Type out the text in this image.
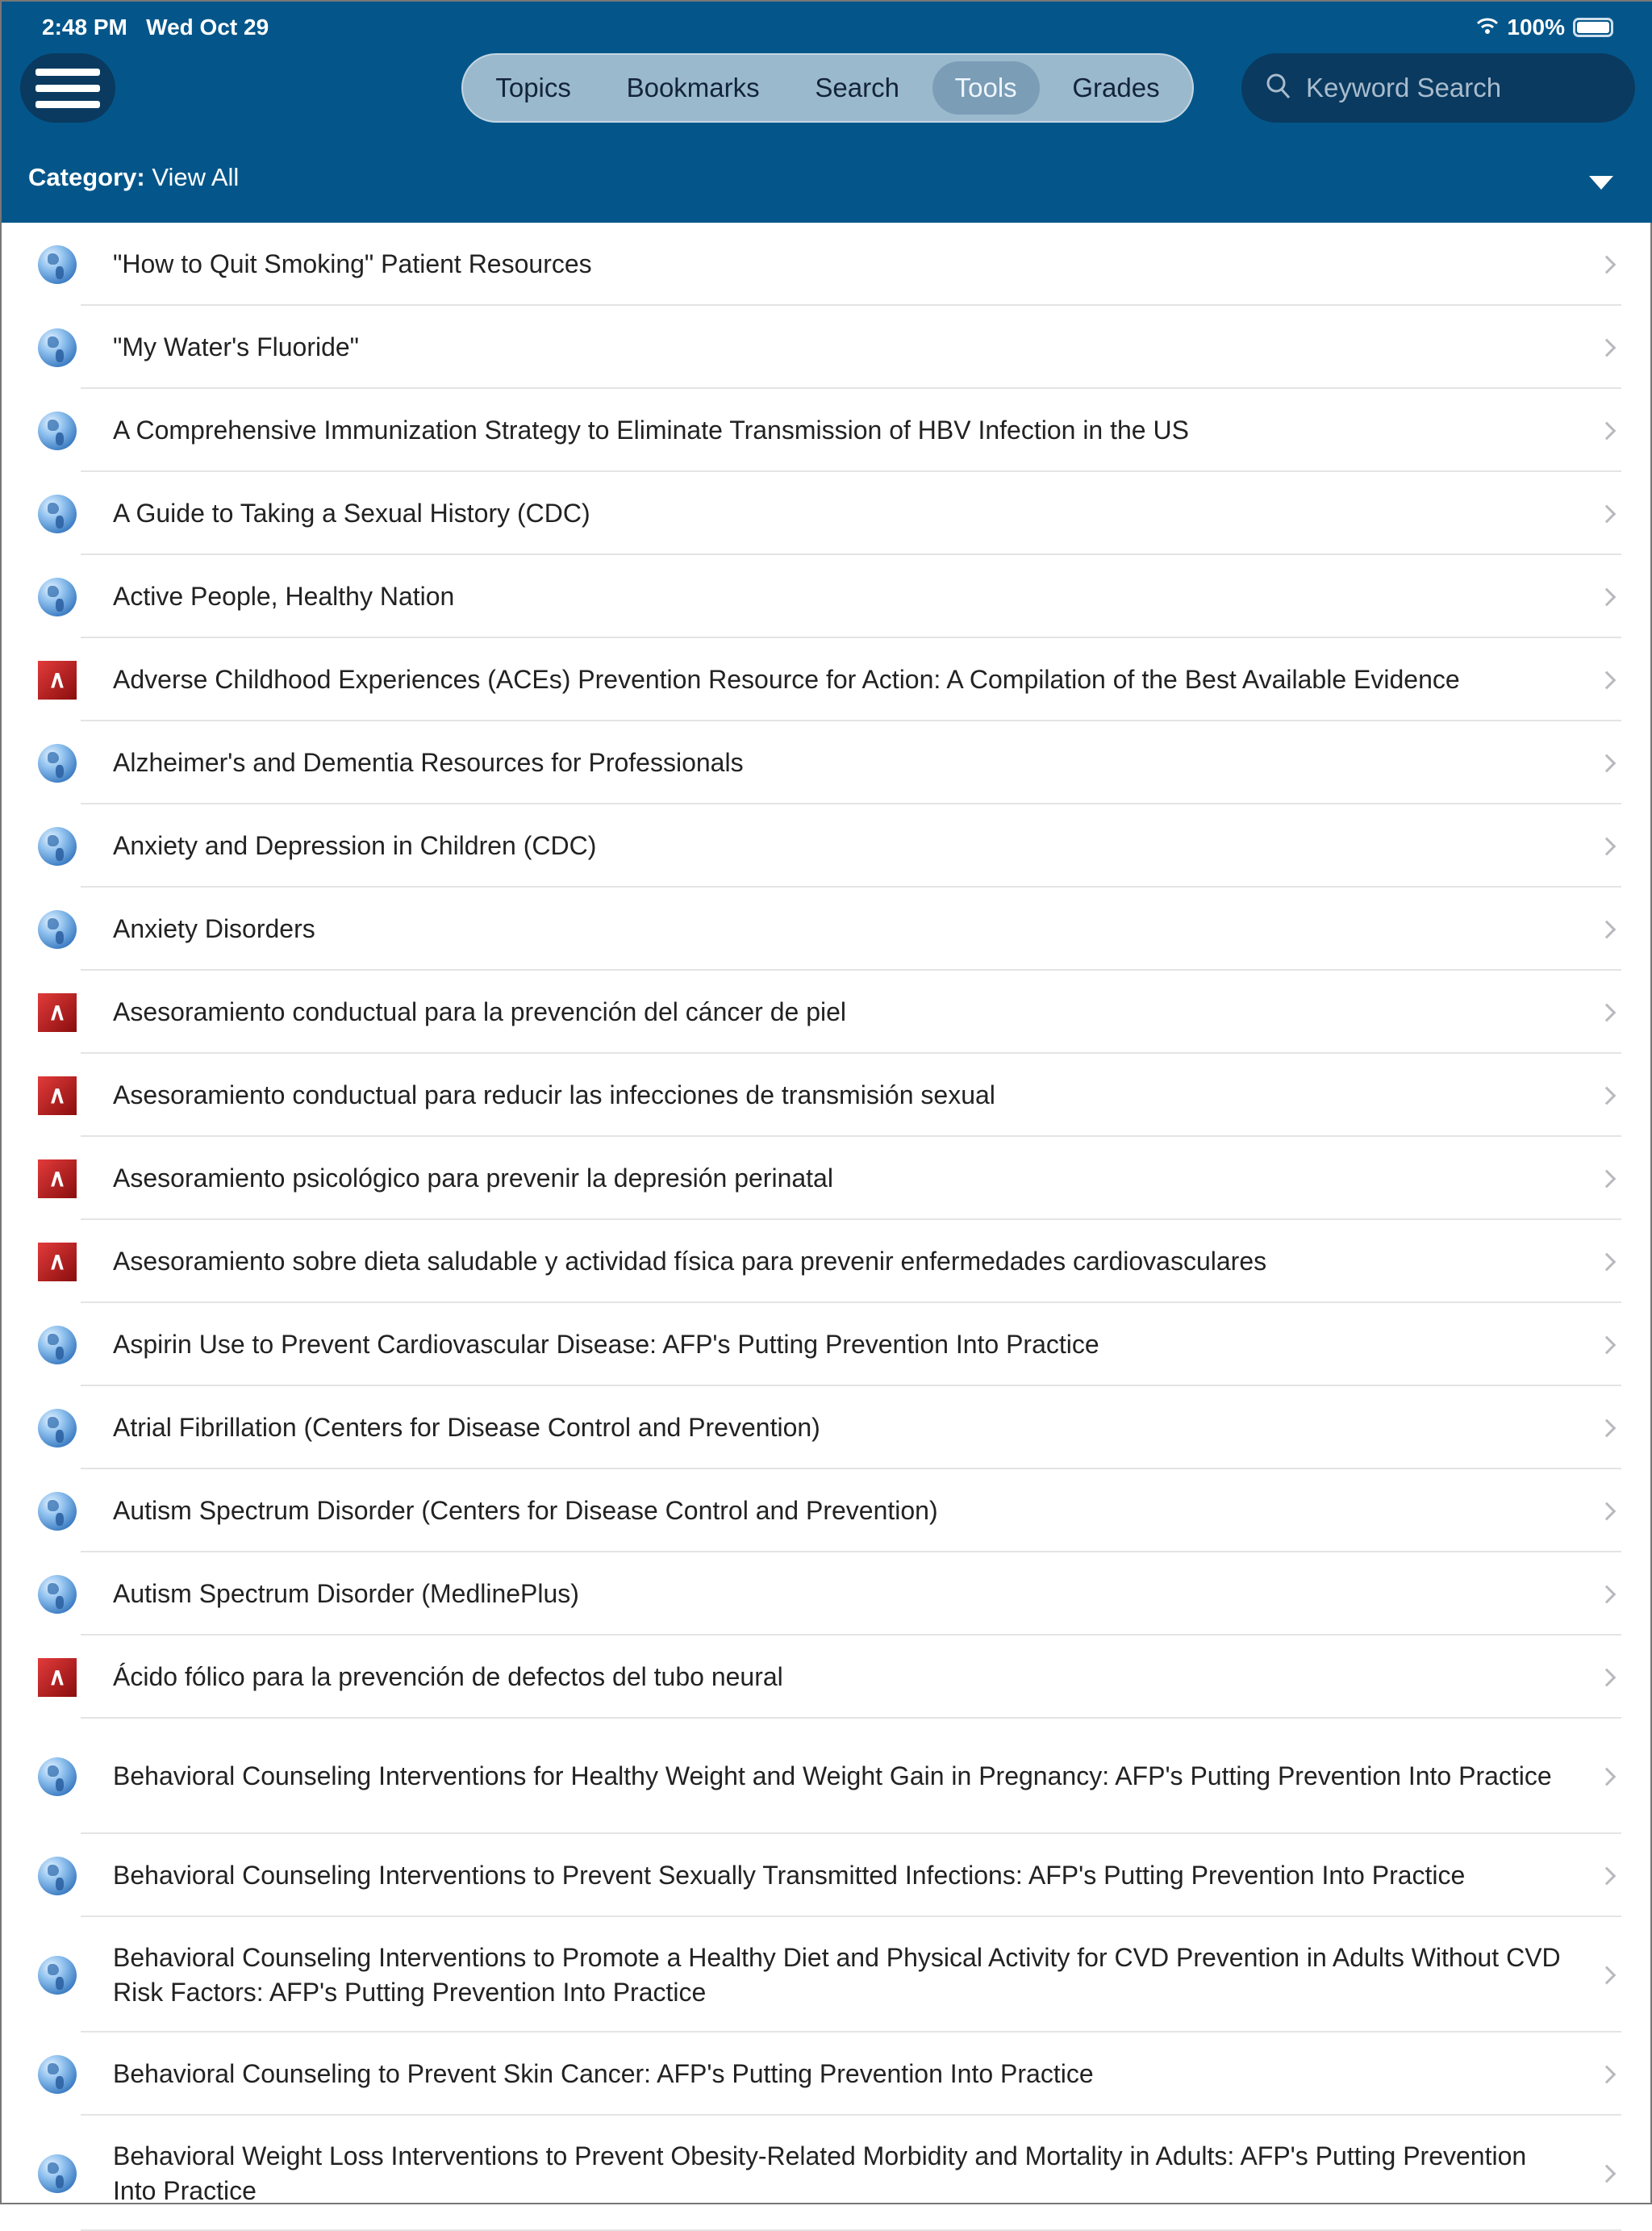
2:48 PM Wed Oct 29	100%
Topics	Bookmarks	Search	Tools	Grades
Keyword Search
Category: View All
"How to Quit Smoking" Patient Resources
"My Water's Fluoride"
A Comprehensive Immunization Strategy to Eliminate Transmission of HBV Infection in the US
A Guide to Taking a Sexual History (CDC)
Active People, Healthy Nation
∧	Adverse Childhood Experiences (ACEs) Prevention Resource for Action: A Compilation of the Best Available Evidence
Alzheimer's and Dementia Resources for Professionals
Anxiety and Depression in Children (CDC)
Anxiety Disorders
∧	Asesoramiento conductual para la prevención del cáncer de piel
∧	Asesoramiento conductual para reducir las infecciones de transmisión sexual
∧	Asesoramiento psicológico para prevenir la depresión perinatal
∧	Asesoramiento sobre dieta saludable y actividad física para prevenir enfermedades cardiovasculares
Aspirin Use to Prevent Cardiovascular Disease: AFP's Putting Prevention Into Practice
Atrial Fibrillation (Centers for Disease Control and Prevention)
Autism Spectrum Disorder (Centers for Disease Control and Prevention)
Autism Spectrum Disorder (MedlinePlus)
∧	Ácido fólico para la prevención de defectos del tubo neural
Behavioral Counseling Interventions for Healthy Weight and Weight Gain in Pregnancy: AFP's Putting Prevention Into Practice
Behavioral Counseling Interventions to Prevent Sexually Transmitted Infections: AFP's Putting Prevention Into Practice
Behavioral Counseling Interventions to Promote a Healthy Diet and Physical Activity for CVD Prevention in Adults Without CVD Risk Factors: AFP's Putting Prevention Into Practice
Behavioral Counseling to Prevent Skin Cancer: AFP's Putting Prevention Into Practice
Behavioral Weight Loss Interventions to Prevent Obesity-Related Morbidity and Mortality in Adults: AFP's Putting Prevention Into Practice
